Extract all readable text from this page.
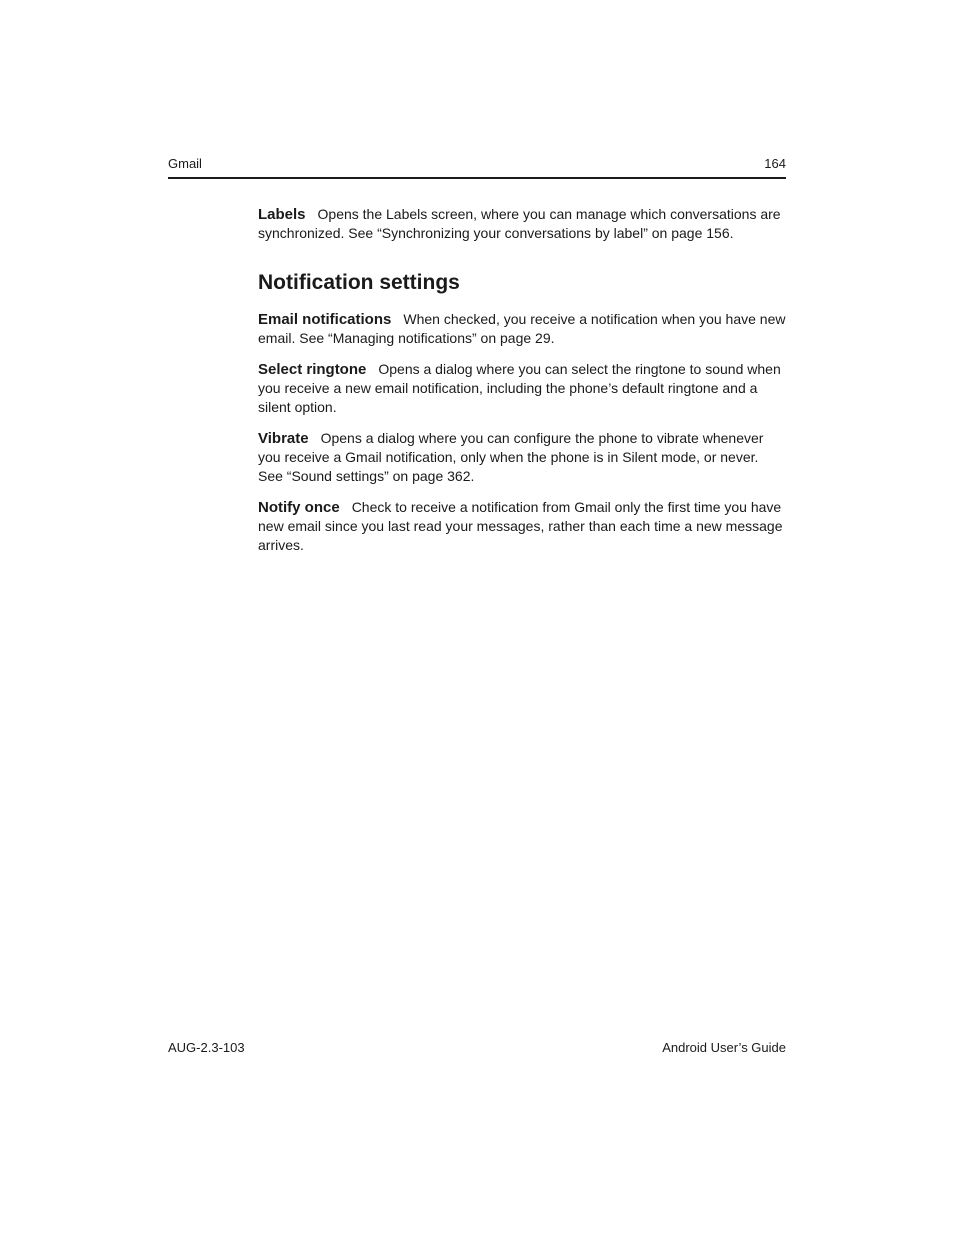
Gmail	164

Labels Opens the Labels screen, where you can manage which conversations are synchronized. See “Synchronizing your conversations by label” on page 156.

Notification settings

Email notifications When checked, you receive a notification when you have new email. See “Managing notifications” on page 29.

Select ringtone Opens a dialog where you can select the ringtone to sound when you receive a new email notification, including the phone’s default ringtone and a silent option.

Vibrate Opens a dialog where you can configure the phone to vibrate whenever you receive a Gmail notification, only when the phone is in Silent mode, or never. See “Sound settings” on page 362.

Notify once Check to receive a notification from Gmail only the first time you have new email since you last read your messages, rather than each time a new message arrives.

AUG-2.3-103	Android User’s Guide
